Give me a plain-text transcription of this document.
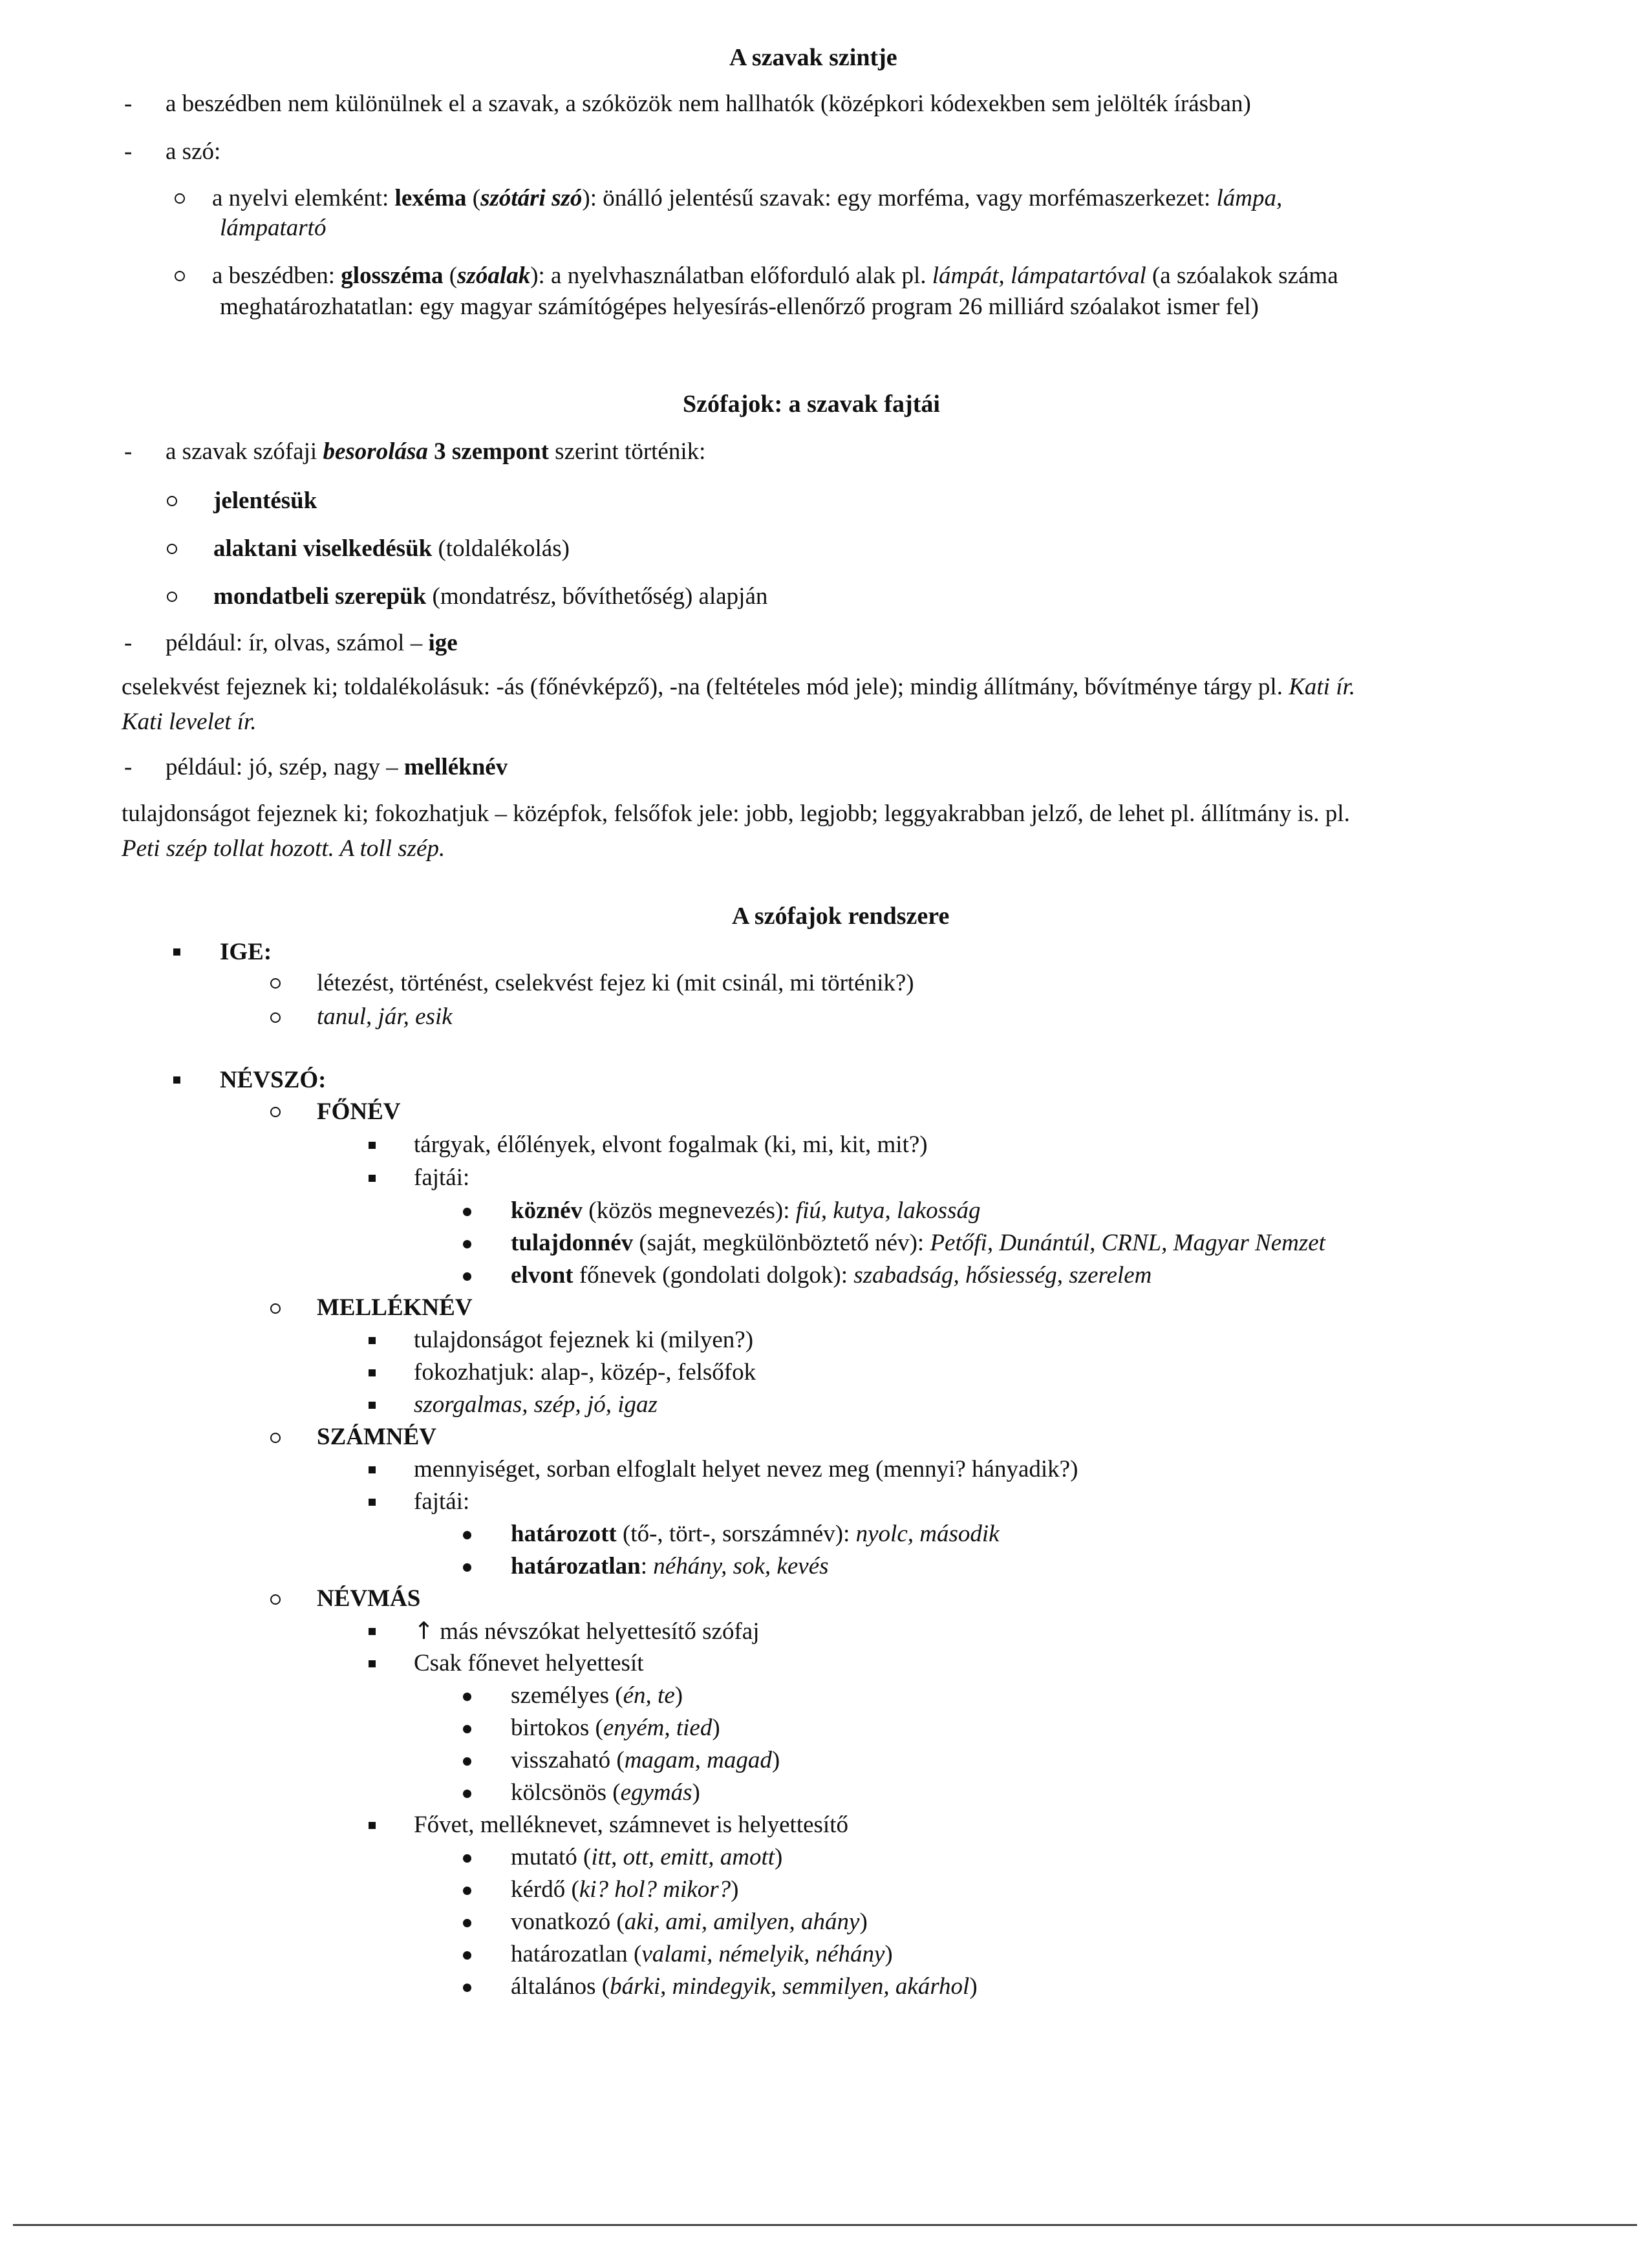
A szavak szintje
- a beszédben nem különülnek el a szavak, a szóközök nem hallhatók (középkori kódexekben sem jelölték írásban)
- a szó:
a nyelvi elemként: lexéma (szótári szó): önálló jelentésű szavak: egy morféma, vagy morfémaszerkezet: lámpa,
lámpatartó
a beszédben: glosszéma (szóalak): a nyelvhasználatban előforduló alak pl. lámpát, lámpatartóval (a szóalakok száma
meghatározhatatlan: egy magyar számítógépes helyesírás-ellenőrző program 26 milliárd szóalakot ismer fel)
Szófajok: a szavak fajtái
- a szavak szófaji besorolása 3 szempont szerint történik:
jelentésük
alaktani viselkedésük (toldalékolás)
mondatbeli szerepük (mondatrész, bővíthetőség) alapján
- például: ír, olvas, számol – ige
cselekvést fejeznek ki; toldalékolásuk: -ás (főnévképző), -na (feltételes mód jele); mindig állítmány, bővítménye tárgy pl. Kati ír.
Kati levelet ír.
- például: jó, szép, nagy – melléknév
tulajdonságot fejeznek ki; fokozhatjuk – középfok, felsőfok jele: jobb, legjobb; leggyakrabban jelző, de lehet pl. állítmány is. pl.
Peti szép tollat hozott. A toll szép.
A szófajok rendszere
IGE:
létezést, történést, cselekvést fejez ki (mit csinál, mi történik?)
tanul, jár, esik
NÉVSZÓ:
FŐNÉV
tárgyak, élőlények, elvont fogalmak (ki, mi, kit, mit?)
fajtái:
köznév (közös megnevezés): fiú, kutya, lakosság
tulajdonnév (saját, megkülönböztető név): Petőfi, Dunántúl, CRNL, Magyar Nemzet
elvont főnevek (gondolati dolgok): szabadság, hősiesség, szerelem
MELLÉKNÉV
tulajdonságot fejeznek ki (milyen?)
fokozhatjuk: alap-, közép-, felsőfok
szorgalmas, szép, jó, igaz
SZÁMNÉV
mennyiséget, sorban elfoglalt helyet nevez meg (mennyi? hányadik?)
fajtái:
határozott (tő-, tört-, sorszámnév): nyolc, második
határozatlan: néhány, sok, kevés
NÉVMÁS
↑ más névszókat helyettesítő szófaj
Csak főnevet helyettesít
személyes (én, te)
birtokos (enyém, tied)
visszaható (magam, magad)
kölcsönös (egymás)
Fővet, melléknevet, számnevet is helyettesítő
mutató (itt, ott, emitt, amott)
kérdő (ki? hol? mikor?)
vonatkozó (aki, ami, amilyen, ahány)
határozatlan (valami, némelyik, néhány)
általános (bárki, mindegyik, semmilyen, akárhol)
